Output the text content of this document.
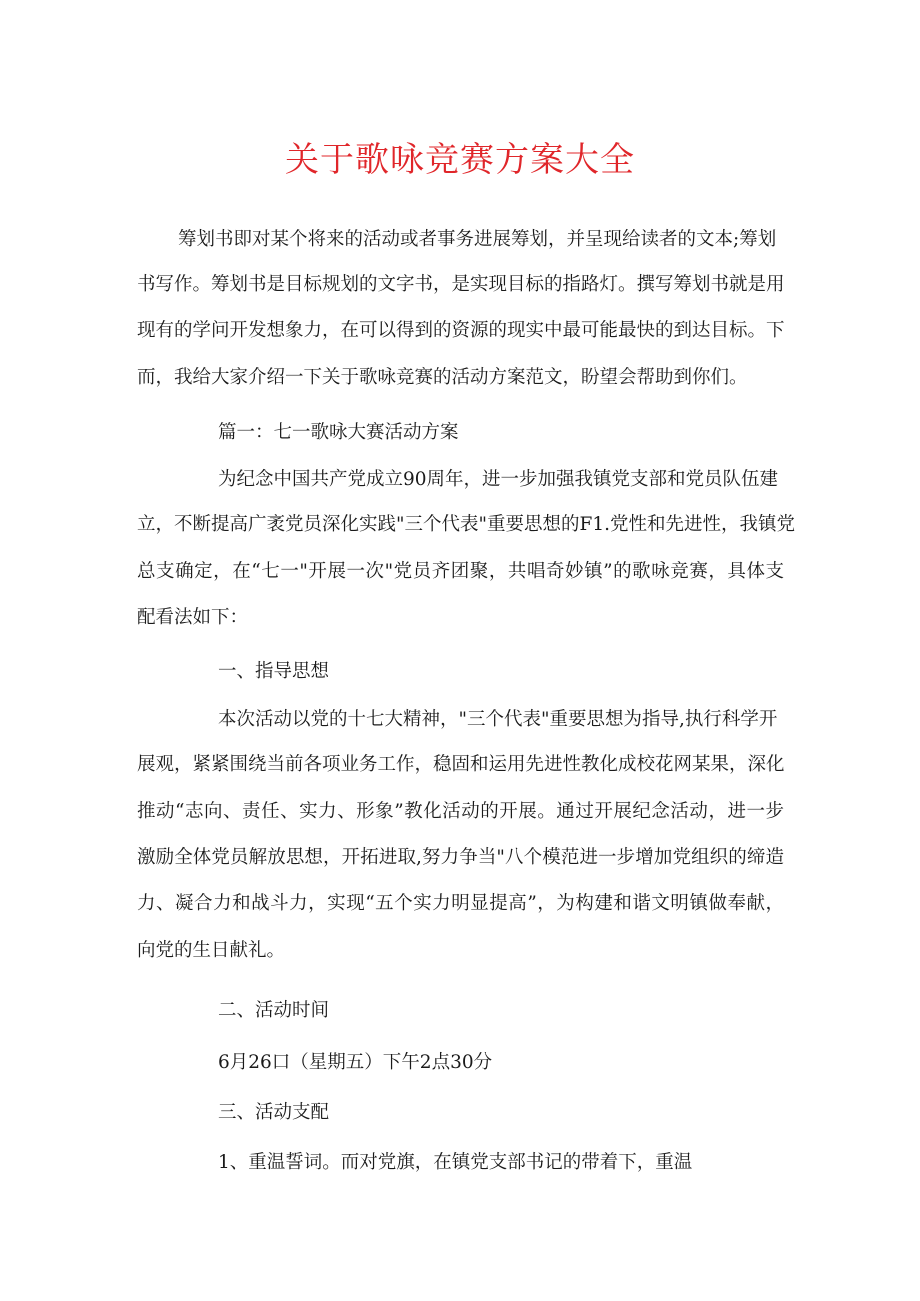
关于歌咏竞赛方案大全

筹划书即对某个将来的活动或者事务进展筹划，并呈现给读者的文本;筹划

书写作。筹划书是目标规划的文字书，是实现目标的指路灯。撰写筹划书就是用

现有的学问开发想象力，在可以得到的资源的现实中最可能最快的到达目标。下

而，我给大家介绍一下关于歌咏竞赛的活动方案范文，盼望会帮助到你们。

篇一：七一歌咏大赛活动方案

为纪念中国共产党成立90周年，进一步加强我镇党支部和党员队伍建

立，不断提高广袤党员深化实践"三个代表"重要思想的F1.党性和先进性，我镇党

总支确定，在“七一"开展一次"党员齐团聚，共唱奇妙镇”的歌咏竞赛，具体支

配看法如下：

一、指导思想

本次活动以党的十七大精神，"三个代表"重要思想为指导,执行科学开

展观，紧紧围绕当前各项业务工作，稳固和运用先进性教化成校花网某果，深化

推动“志向、责任、实力、形象”教化活动的开展。通过开展纪念活动，进一步

激励全体党员解放思想，开拓进取,努力争当"八个模范进一步增加党组织的缔造

力、凝合力和战斗力，实现“五个实力明显提高”，为构建和谐文明镇做奉献，

向党的生日献礼。

二、活动时间

6月26口（星期五）下午2点30分

三、活动支配

1、重温誓词。而对党旗，在镇党支部书记的带着下，重温
